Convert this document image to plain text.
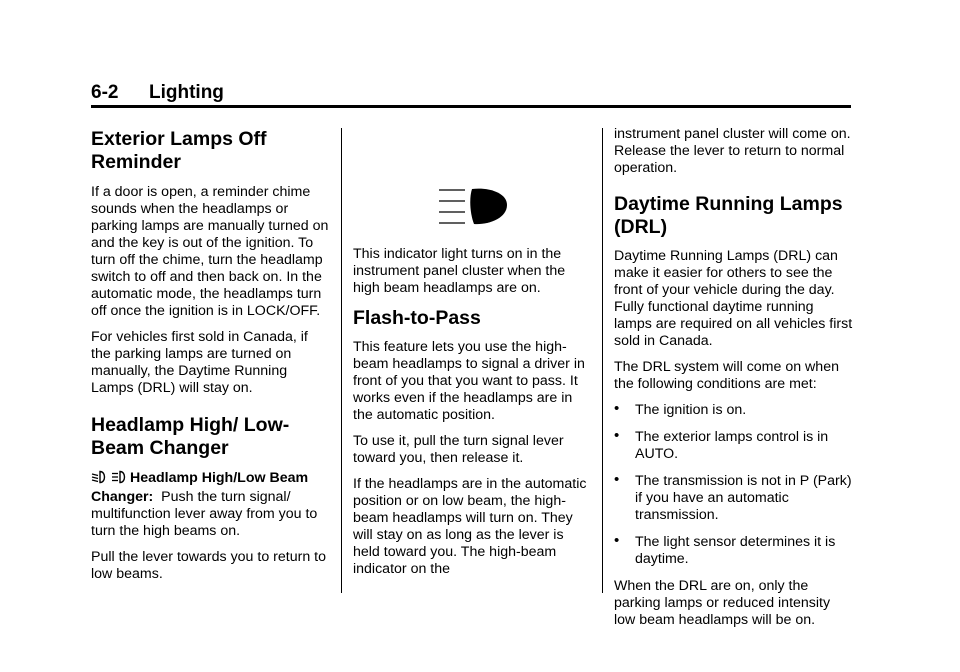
6-2 Lighting
Exterior Lamps Off Reminder

If a door is open, a reminder chime sounds when the headlamps or parking lamps are manually turned on and the key is out of the ignition. To turn off the chime, turn the headlamp switch to off and then back on. In the automatic mode, the headlamps turn off once the ignition is in LOCK/OFF.

For vehicles first sold in Canada, if the parking lamps are turned on manually, the Daytime Running Lamps (DRL) will stay on.

Headlamp High/ Low-Beam Changer

Headlamp High/Low Beam Changer: Push the turn signal/ multifunction lever away from you to turn the high beams on.

Pull the lever towards you to return to low beams.

This indicator light turns on in the instrument panel cluster when the high beam headlamps are on.

Flash-to-Pass

This feature lets you use the high-beam headlamps to signal a driver in front of you that you want to pass. It works even if the headlamps are in the automatic position.

To use it, pull the turn signal lever toward you, then release it.

If the headlamps are in the automatic position or on low beam, the high-beam headlamps will turn on. They will stay on as long as the lever is held toward you. The high-beam indicator on the

instrument panel cluster will come on. Release the lever to return to normal operation.

Daytime Running Lamps (DRL)

Daytime Running Lamps (DRL) can make it easier for others to see the front of your vehicle during the day. Fully functional daytime running lamps are required on all vehicles first sold in Canada.

The DRL system will come on when the following conditions are met:

• The ignition is on.
• The exterior lamps control is in AUTO.
• The transmission is not in P (Park) if you have an automatic transmission.
• The light sensor determines it is daytime.

When the DRL are on, only the parking lamps or reduced intensity low beam headlamps will be on.
